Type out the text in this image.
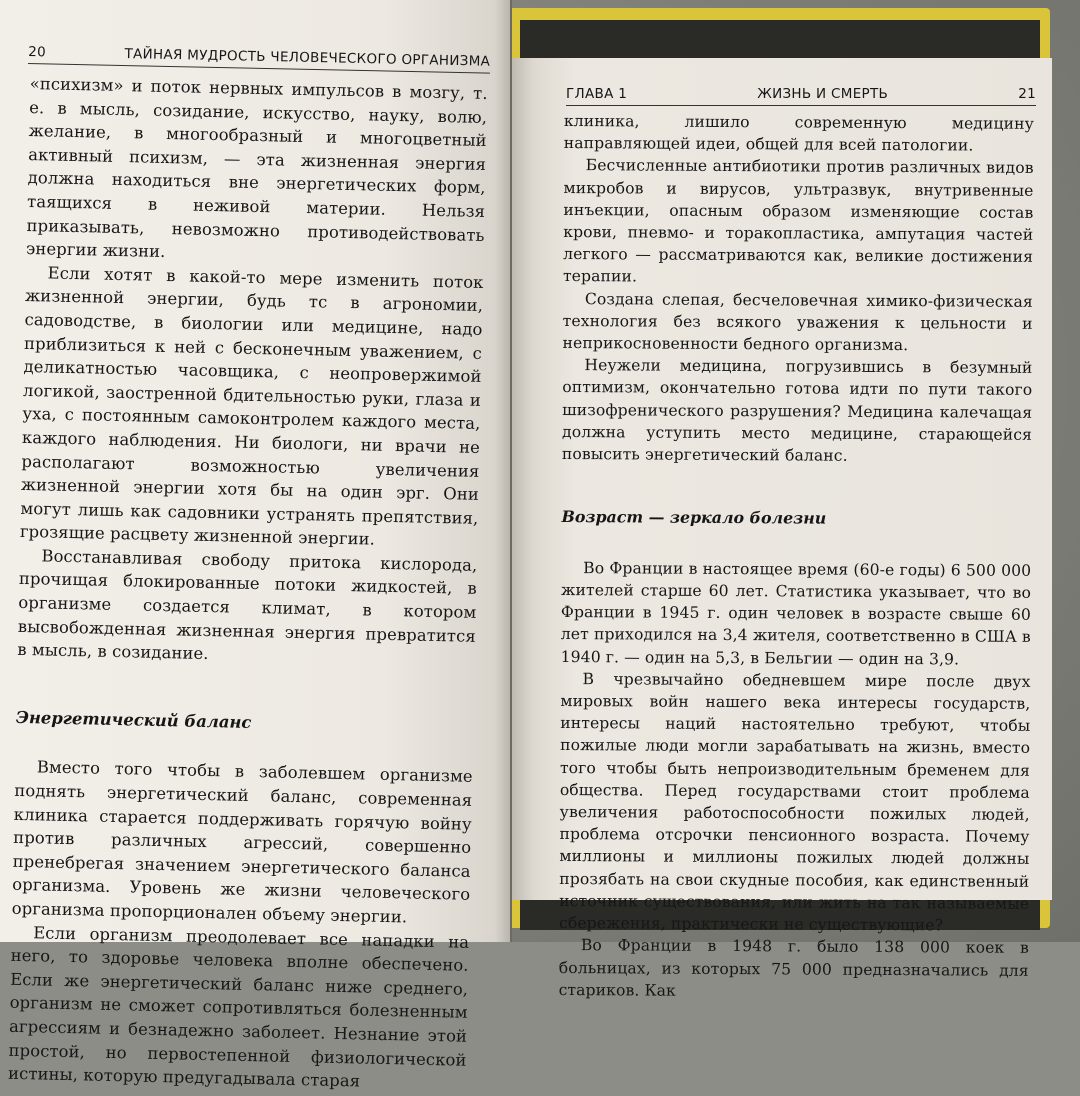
20	ТАЙНАЯ МУДРОСТЬ ЧЕЛОВЕЧЕСКОГО ОРГАНИЗМА

«психизм» и поток нервных импульсов в мозгу, т. е. в мысль, созидание, искусство, науку, волю, желание, в многообразный и многоцветный активный психизм, — эта жизненная энергия должна находиться вне энергетических форм, таящихся в неживой материи. Нельзя приказывать, невозможно противодействовать энергии жизни.

Если хотят в какой-то мере изменить поток жизненной энергии, будь тс в агрономии, садоводстве, в биологии или медицине, надо приблизиться к ней с бесконечным уважением, с деликатностью часовщика, с неопровержимой логикой, заостренной бдительностью руки, глаза и уха, с постоянным самоконтролем каждого места, каждого наблюдения. Ни биологи, ни врачи не располагают возможностью увеличения жизненной энергии хотя бы на один эрг. Они могут лишь как садовники устранять препятствия, грозящие расцвету жизненной энергии.

Восстанавливая свободу притока кислорода, прочищая блокированные потоки жидкостей, в организме создается климат, в котором высвобожденная жизненная энергия превратится в мысль, в созидание.

Энергетический баланс

Вместо того чтобы в заболевшем организме поднять энергетический баланс, современная клиника старается поддерживать горячую войну против различных агрессий, совершенно пренебрегая значением энергетического баланса организма. Уровень же жизни человеческого организма пропорционален объему энергии.

Если организм преодолевает все нападки на него, то здоровье человека вполне обеспечено. Если же энергетический баланс ниже среднего, организм не сможет сопротивляться болезненным агрессиям и безнадежно заболеет. Незнание этой простой, но первостепенной физиологической истины, которую предугадывала старая

ГЛАВА 1	ЖИЗНЬ И СМЕРТЬ	21

клиника, лишило современную медицину направляющей идеи, общей для всей патологии.

Бесчисленные антибиотики против различных видов микробов и вирусов, ультразвук, внутривенные инъекции, опасным образом изменяющие состав крови, пневмо- и торакопластика, ампутация частей легкого — рассматриваются как, великие достижения терапии.

Создана слепая, бесчеловечная химико-физическая технология без всякого уважения к цельности и неприкосновенности бедного организма.

Неужели медицина, погрузившись в безумный оптимизм, окончательно готова идти по пути такого шизофренического разрушения? Медицина калечащая должна уступить место медицине, старающейся повысить энергетический баланс.

Возраст — зеркало болезни

Во Франции в настоящее время (60-е годы) 6 500 000 жителей старше 60 лет. Статистика указывает, что во Франции в 1945 г. один человек в возрасте свыше 60 лет приходился на 3,4 жителя, соответственно в США в 1940 г. — один на 5,3, в Бельгии — один на 3,9.

В чрезвычайно обедневшем мире после двух мировых войн нашего века интересы государств, интересы наций настоятельно требуют, чтобы пожилые люди могли зарабатывать на жизнь, вместо того чтобы быть непроизводительным бременем для общества. Перед государствами стоит проблема увеличения работоспособности пожилых людей, проблема отсрочки пенсионного возраста. Почему миллионы и миллионы пожилых людей должны прозябать на свои скудные пособия, как единственный источник существования, или жить на так называемые сбережения, практически не существующие?

Во Франции в 1948 г. было 138 000 коек в больницах, из которых 75 000 предназначались для стариков. Как
